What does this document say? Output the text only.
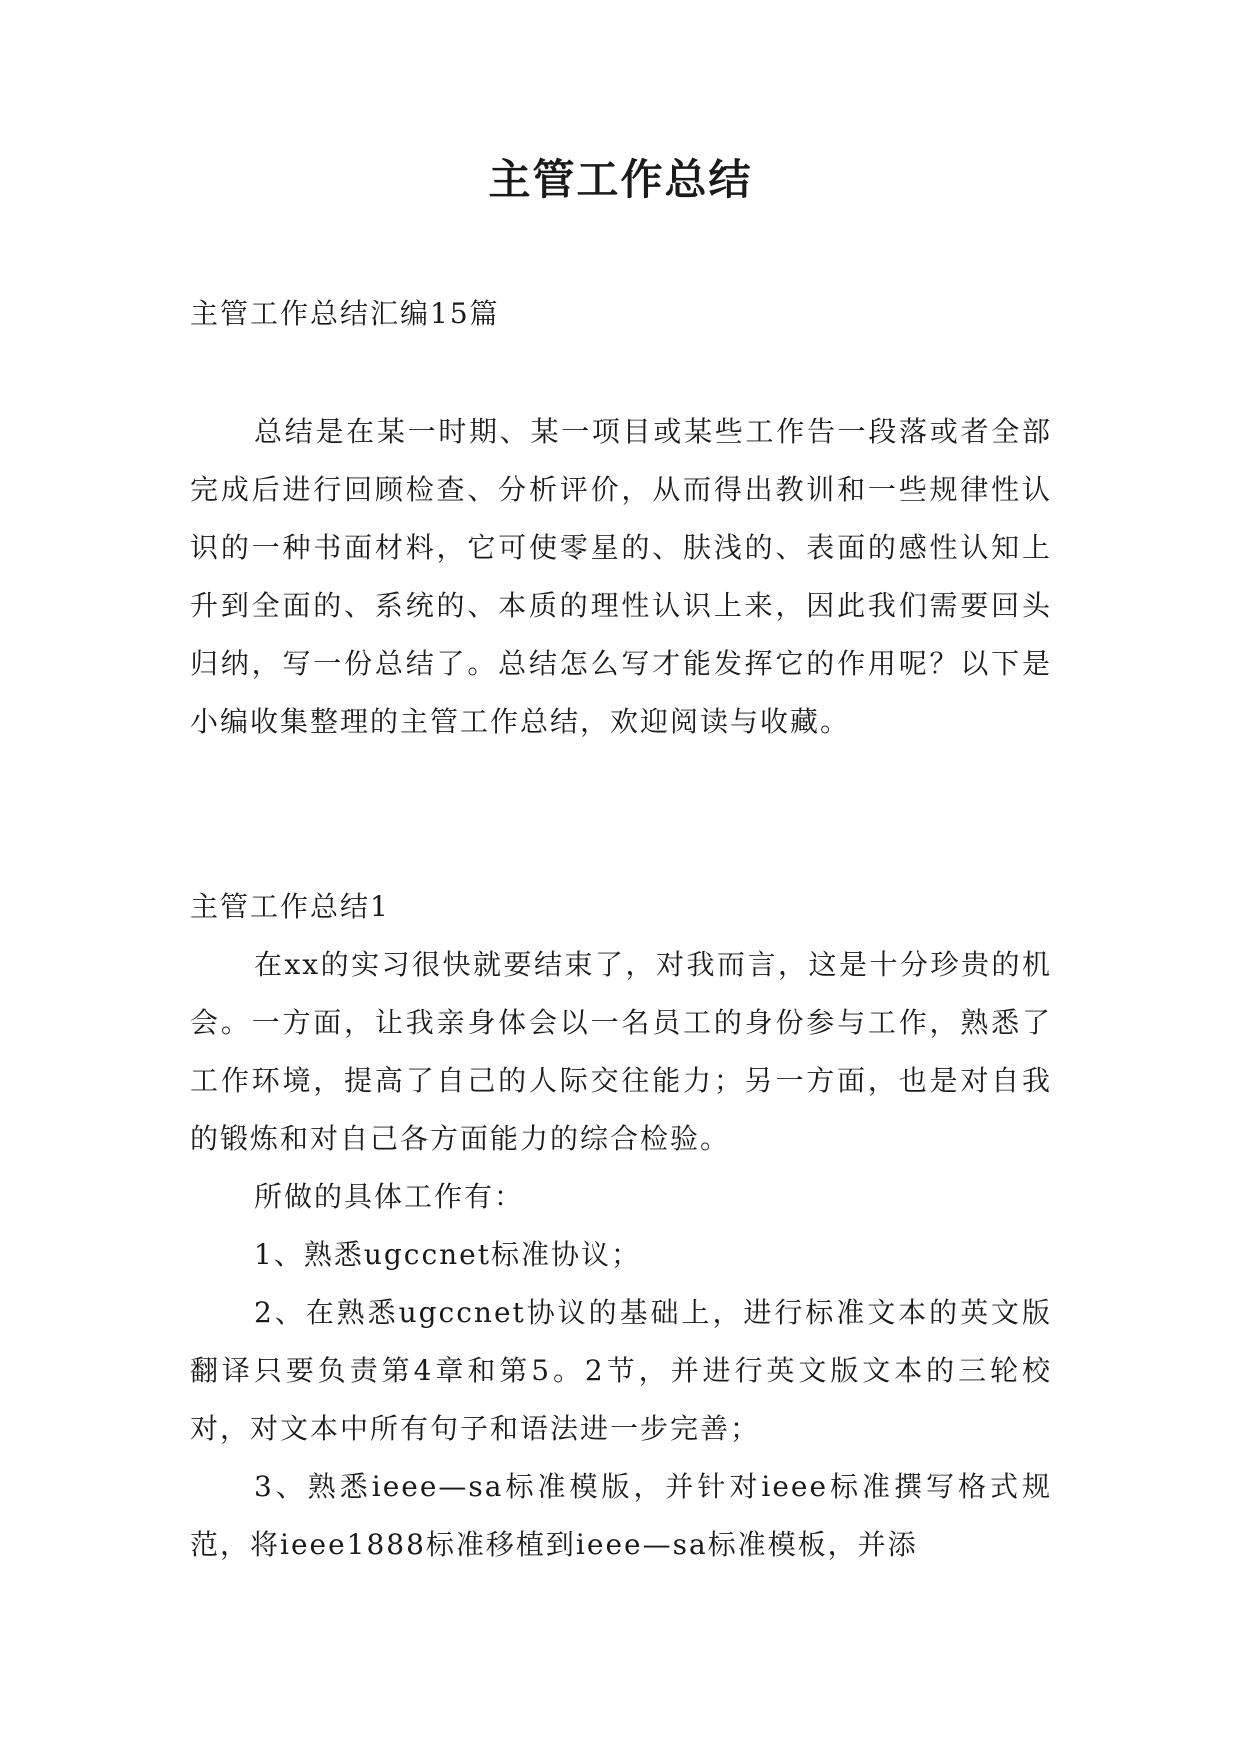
主管工作总结

主管工作总结汇编15篇

总结是在某一时期、某一项目或某些工作告一段落或者全部完成后进行回顾检查、分析评价，从而得出教训和一些规律性认识的一种书面材料，它可使零星的、肤浅的、表面的感性认知上升到全面的、系统的、本质的理性认识上来，因此我们需要回头归纳，写一份总结了。总结怎么写才能发挥它的作用呢？以下是小编收集整理的主管工作总结，欢迎阅读与收藏。

主管工作总结1

在xx的实习很快就要结束了，对我而言，这是十分珍贵的机会。一方面，让我亲身体会以一名员工的身份参与工作，熟悉了工作环境，提高了自己的人际交往能力；另一方面，也是对自我的锻炼和对自己各方面能力的综合检验。

所做的具体工作有：

1、熟悉ugccnet标准协议；

2、在熟悉ugccnet协议的基础上，进行标准文本的英文版翻译只要负责第4章和第5。2节，并进行英文版文本的三轮校对，对文本中所有句子和语法进一步完善；

3、熟悉ieee—sa标准模版，并针对ieee标准撰写格式规范，将ieee1888标准移植到ieee—sa标准模板，并添
